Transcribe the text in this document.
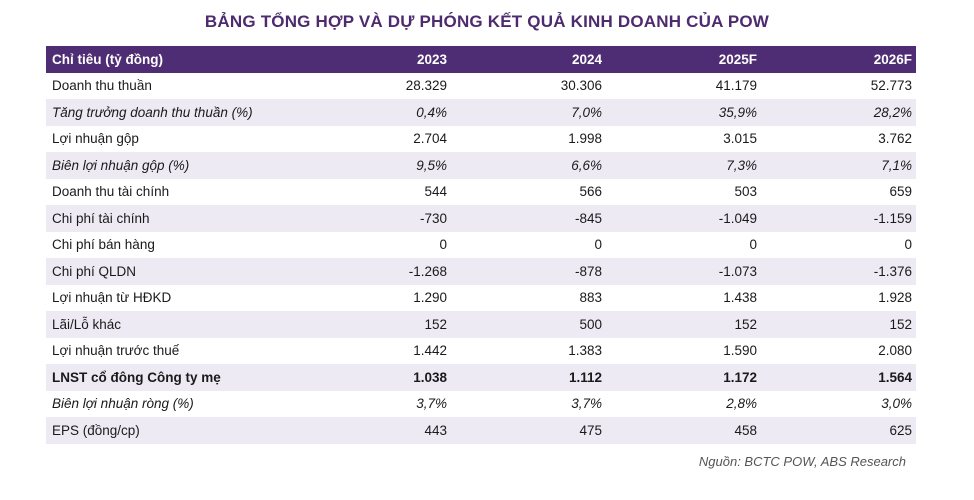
BẢNG TỔNG HỢP VÀ DỰ PHÓNG KẾT QUẢ KINH DOANH CỦA POW
Chỉ tiêu (tỷ đồng)	2023	2024	2025F	2026F
Doanh thu thuần	28.329	30.306	41.179	52.773
Tăng trưởng doanh thu thuần (%)	0,4%	7,0%	35,9%	28,2%
Lợi nhuận gộp	2.704	1.998	3.015	3.762
Biên lợi nhuận gộp (%)	9,5%	6,6%	7,3%	7,1%
Doanh thu tài chính	544	566	503	659
Chi phí tài chính	-730	-845	-1.049	-1.159
Chi phí bán hàng	0	0	0	0
Chi phí QLDN	-1.268	-878	-1.073	-1.376
Lợi nhuận từ HĐKD	1.290	883	1.438	1.928
Lãi/Lỗ khác	152	500	152	152
Lợi nhuận trước thuế	1.442	1.383	1.590	2.080
LNST cổ đông Công ty mẹ	1.038	1.112	1.172	1.564
Biên lợi nhuận ròng (%)	3,7%	3,7%	2,8%	3,0%
EPS (đồng/cp)	443	475	458	625
Nguồn: BCTC POW, ABS Research
